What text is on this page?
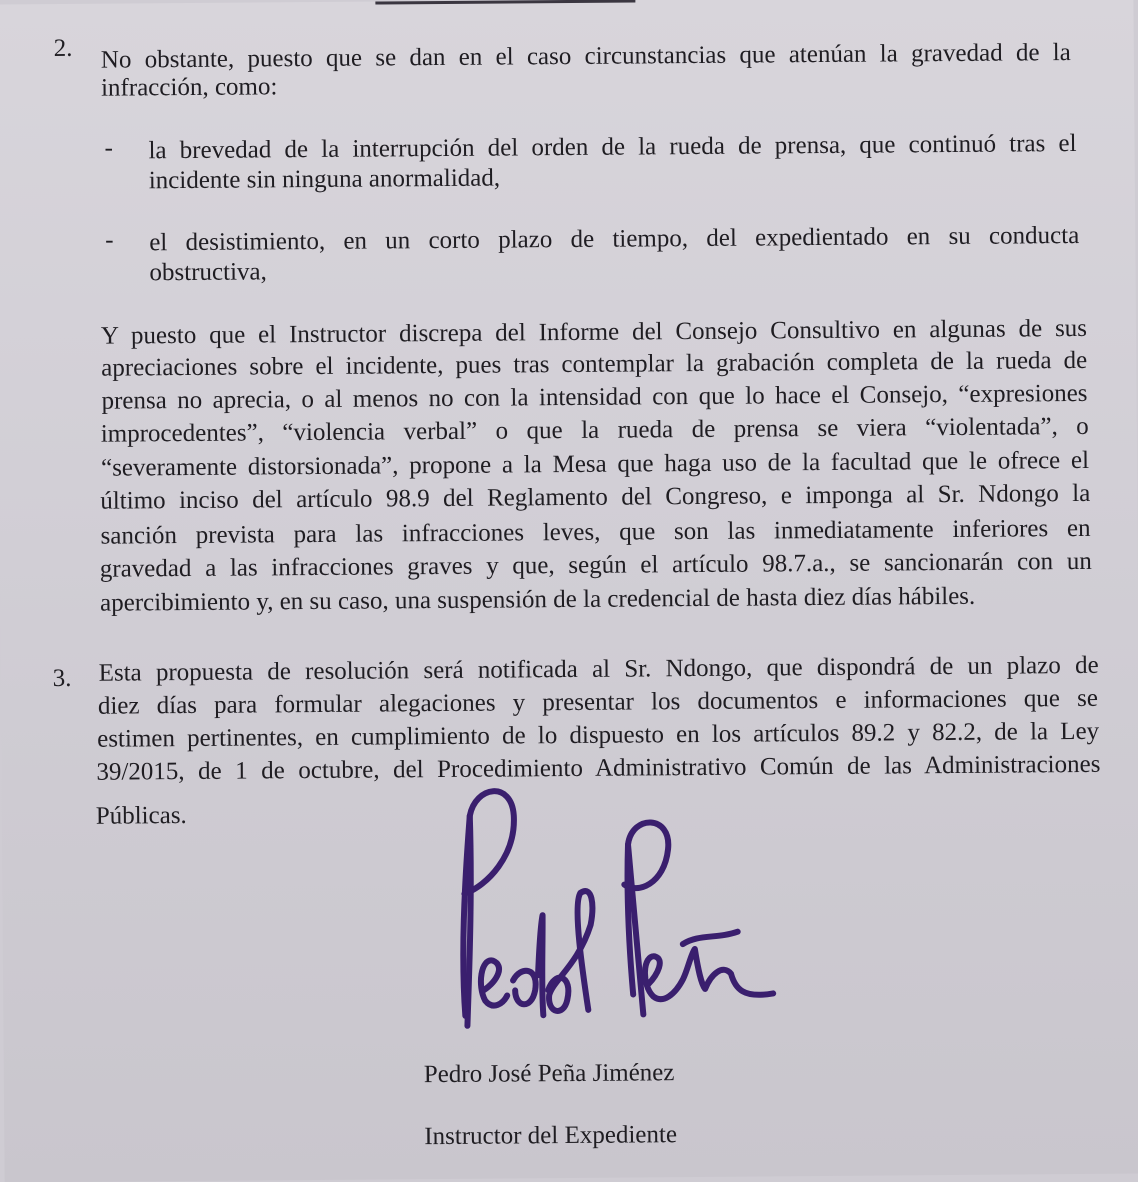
2. No obstante, puesto que se dan en el caso circunstancias que atenúan la gravedad de la
infracción, como:
- la brevedad de la interrupción del orden de la rueda de prensa, que continuó tras el
incidente sin ninguna anormalidad,
- el desistimiento, en un corto plazo de tiempo, del expedientado en su conducta
obstructiva,
Y puesto que el Instructor discrepa del Informe del Consejo Consultivo en algunas de sus
apreciaciones sobre el incidente, pues tras contemplar la grabación completa de la rueda de
prensa no aprecia, o al menos no con la intensidad con que lo hace el Consejo, “expresiones
improcedentes”, “violencia verbal” o que la rueda de prensa se viera “violentada”, o
“severamente distorsionada”, propone a la Mesa que haga uso de la facultad que le ofrece el
último inciso del artículo 98.9 del Reglamento del Congreso, e imponga al Sr. Ndongo la
sanción prevista para las infracciones leves, que son las inmediatamente inferiores en
gravedad a las infracciones graves y que, según el artículo 98.7.a., se sancionarán con un
apercibimiento y, en su caso, una suspensión de la credencial de hasta diez días hábiles.
3. Esta propuesta de resolución será notificada al Sr. Ndongo, que dispondrá de un plazo de
diez días para formular alegaciones y presentar los documentos e informaciones que se
estimen pertinentes, en cumplimiento de lo dispuesto en los artículos 89.2 y 82.2, de la Ley
39/2015, de 1 de octubre, del Procedimiento Administrativo Común de las Administraciones
Públicas.
Pedro José Peña Jiménez
Instructor del Expediente
